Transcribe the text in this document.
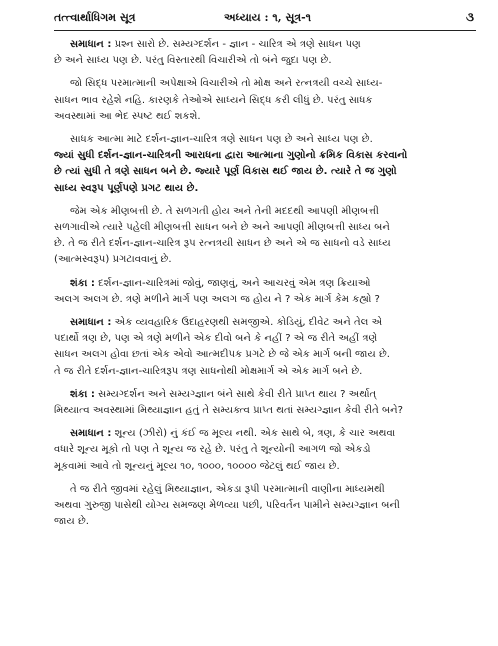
તત્ત્વાર્થાધિગમ સૂત્ર	અધ્યાય : ૧, સૂત્ર-૧	૩

સમાધાન : પ્રશ્ન સારો છે. સમ્યગ્દર્શન - જ્ઞાન - ચારિત્ર એ ત્રણે સાધન પણ
છે અને સાધ્ય પણ છે. પરંતુ વિસ્તારથી વિચારીએ તો બંને જુદા પણ છે.

જો સિદ્ધ પરમાત્માની અપેક્ષાએ વિચારીએ તો મોક્ષ અને રત્નત્રયી વચ્ચે સાધ્ય-
સાધન ભાવ રહેશે નહિ. કારણકે તેઓએ સાધ્યને સિદ્ધ કરી લીધું છે. પરંતુ સાધક
અવસ્થામાં આ ભેદ સ્પષ્ટ થઈ શકશે.

સાધક આત્મા માટે દર્શન-જ્ઞાન-ચારિત્ર ત્રણે સાધન પણ છે અને સાધ્ય પણ છે.
જ્યાં સુધી દર્શન-જ્ઞાન-ચારિત્રની આરાધના દ્વારા આત્માના ગુણોનો ક્રમિક વિકાસ કરવાનો
છે ત્યાં સુધી તે ત્રણે સાધન બને છે. જ્યારે પૂર્ણ વિકાસ થઈ જાય છે. ત્યારે તે જ ગુણો
સાધ્ય સ્વરૂપ પૂર્ણપણે પ્રગટ થાય છે.

જેમ એક મીણબત્તી છે. તે સળગતી હોય અને તેની મદદથી આપણી મીણબત્તી
સળગાવીએ ત્યારે પહેલી મીણબત્તી સાધન બને છે અને આપણી મીણબત્તી સાધ્ય બને
છે. તે જ રીતે દર્શન-જ્ઞાન-ચારિત્ર રૂપ રત્નત્રયી સાધન છે અને એ જ સાધનો વડે સાધ્ય
(આત્મસ્વરૂપ) પ્રગટાવવાનું છે.

શંકા : દર્શન-જ્ઞાન-ચારિત્રમાં જોવું, જાણવું, અને આચરવું એમ ત્રણ ક્રિયાઓ
અલગ અલગ છે. ત્રણે મળીને માર્ગ પણ અલગ જ હોય ને ? એક માર્ગ કેમ કહ્યો ?

સમાધાન : એક વ્યવહારિક ઉદાહરણથી સમજીએ. કોડિયું, દીવેટ અને તેલ એ
પદાર્થો ત્રણ છે, પણ એ ત્રણે મળીને એક દીવો બને કે નહીં ? એ જ રીતે અહીં ત્રણે
સાધન અલગ હોવા છતાં એક એવો આત્મદીપક પ્રગટે છે જે એક માર્ગ બની જાય છે.
તે જ રીતે દર્શન-જ્ઞાન-ચારિત્રરૂપ ત્રણ સાધનોથી મોક્ષમાર્ગ એ એક માર્ગ બને છે.

શંકા : સમ્યગ્દર્શન અને સમ્યગ્જ્ઞાન બંને સાથે કેવી રીતે પ્રાપ્ત થાય ? અર્થાત્
મિથ્યાત્વ અવસ્થામાં મિથ્યાજ્ઞાન હતું તે સમ્યક્ત્વ પ્રાપ્ત થતાં સમ્યગ્જ્ઞાન કેવી રીતે બને?

સમાધાન : શૂન્ય (ઝીરો) નું કંઈ જ મૂલ્ય નથી. એક સાથે બે, ત્રણ, કે ચાર અથવા
વધારે શૂન્ય મૂકો તો પણ તે શૂન્ય જ રહે છે. પરંતુ તે શૂન્યોની આગળ જો એકડો
મૂકવામાં આવે તો શૂન્યનું મૂલ્ય ૧૦, ૧૦૦૦, ૧૦૦૦૦ જેટલું થઈ જાય છે.

તે જ રીતે જીવમાં રહેલું મિથ્યાજ્ઞાન, એકડા રૂપી પરમાત્માની વાણીના માધ્યમથી
અથવા ગુરુજી પાસેથી યોગ્ય સમજણ મેળવ્યા પછી, પરિવર્તન પામીને સમ્યગ્જ્ઞાન બની
જાય છે.
